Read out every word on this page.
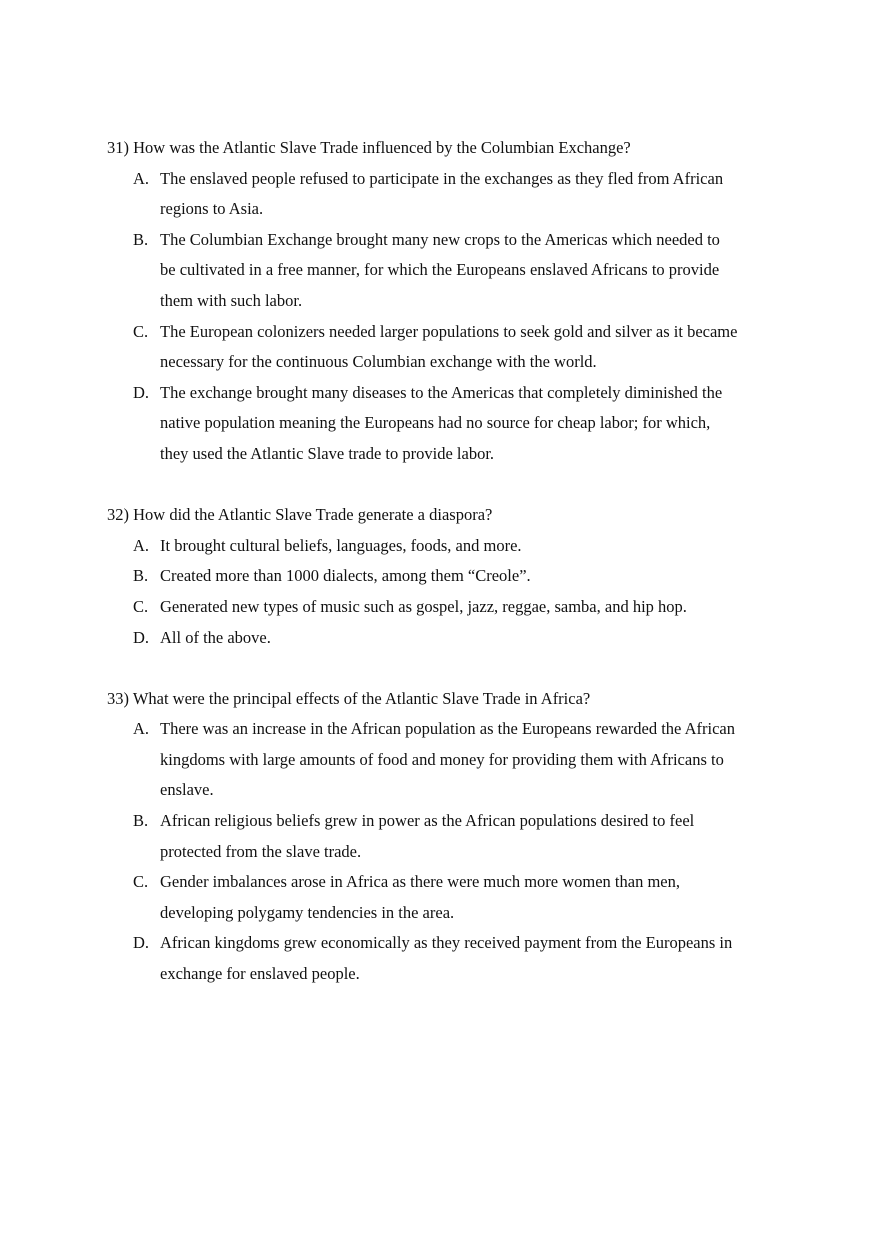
31) How was the Atlantic Slave Trade influenced by the Columbian Exchange?
A. The enslaved people refused to participate in the exchanges as they fled from African
regions to Asia.
B. The Columbian Exchange brought many new crops to the Americas which needed to
be cultivated in a free manner, for which the Europeans enslaved Africans to provide
them with such labor.
C. The European colonizers needed larger populations to seek gold and silver as it became
necessary for the continuous Columbian exchange with the world.
D. The exchange brought many diseases to the Americas that completely diminished the
native population meaning the Europeans had no source for cheap labor; for which,
they used the Atlantic Slave trade to provide labor.
32) How did the Atlantic Slave Trade generate a diaspora?
A. It brought cultural beliefs, languages, foods, and more.
B. Created more than 1000 dialects, among them “Creole”.
C. Generated new types of music such as gospel, jazz, reggae, samba, and hip hop.
D. All of the above.
33) What were the principal effects of the Atlantic Slave Trade in Africa?
A. There was an increase in the African population as the Europeans rewarded the African
kingdoms with large amounts of food and money for providing them with Africans to
enslave.
B. African religious beliefs grew in power as the African populations desired to feel
protected from the slave trade.
C. Gender imbalances arose in Africa as there were much more women than men,
developing polygamy tendencies in the area.
D. African kingdoms grew economically as they received payment from the Europeans in
exchange for enslaved people.
